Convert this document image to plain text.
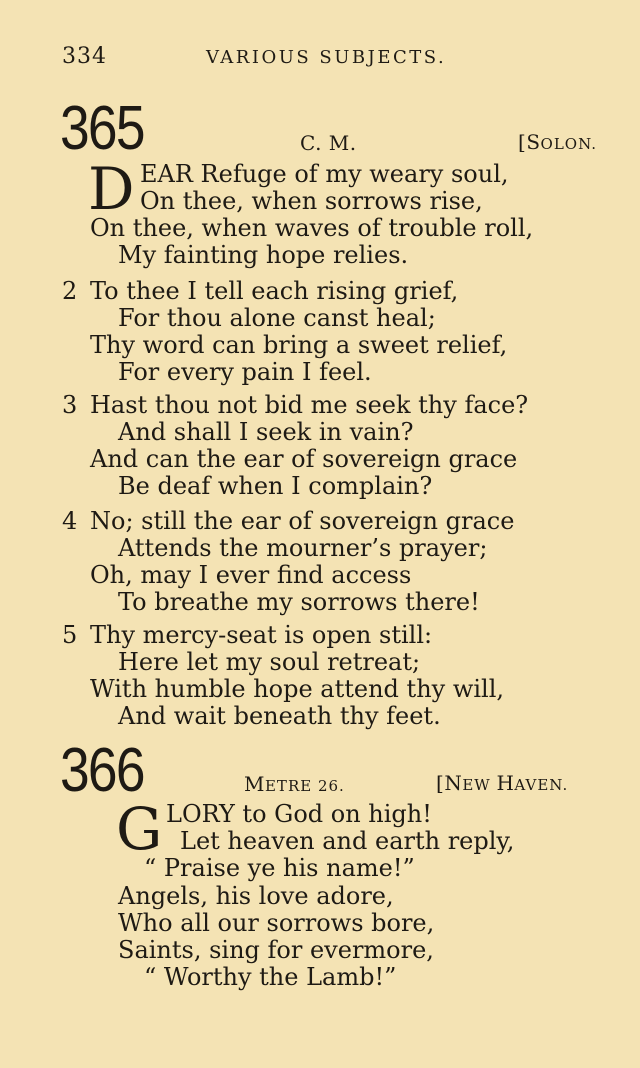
334	VARIOUS SUBJECTS.
365	C. M.	[SOLON.
D EAR Refuge of my weary soul,
On thee, when sorrows rise,
On thee, when waves of trouble roll,
My fainting hope relies.
2 To thee I tell each rising grief,
For thou alone canst heal;
Thy word can bring a sweet relief,
For every pain I feel.
3 Hast thou not bid me seek thy face?
And shall I seek in vain?
And can the ear of sovereign grace
Be deaf when I complain?
4 No; still the ear of sovereign grace
Attends the mourner’s prayer;
Oh, may I ever find access
To breathe my sorrows there!
5 Thy mercy-seat is open still:
Here let my soul retreat;
With humble hope attend thy will,
And wait beneath thy feet.
366	METRE 26.	[NEW HAVEN.
G LORY to God on high!
Let heaven and earth reply,
“ Praise ye his name!”
Angels, his love adore,
Who all our sorrows bore,
Saints, sing for evermore,
“ Worthy the Lamb!”
